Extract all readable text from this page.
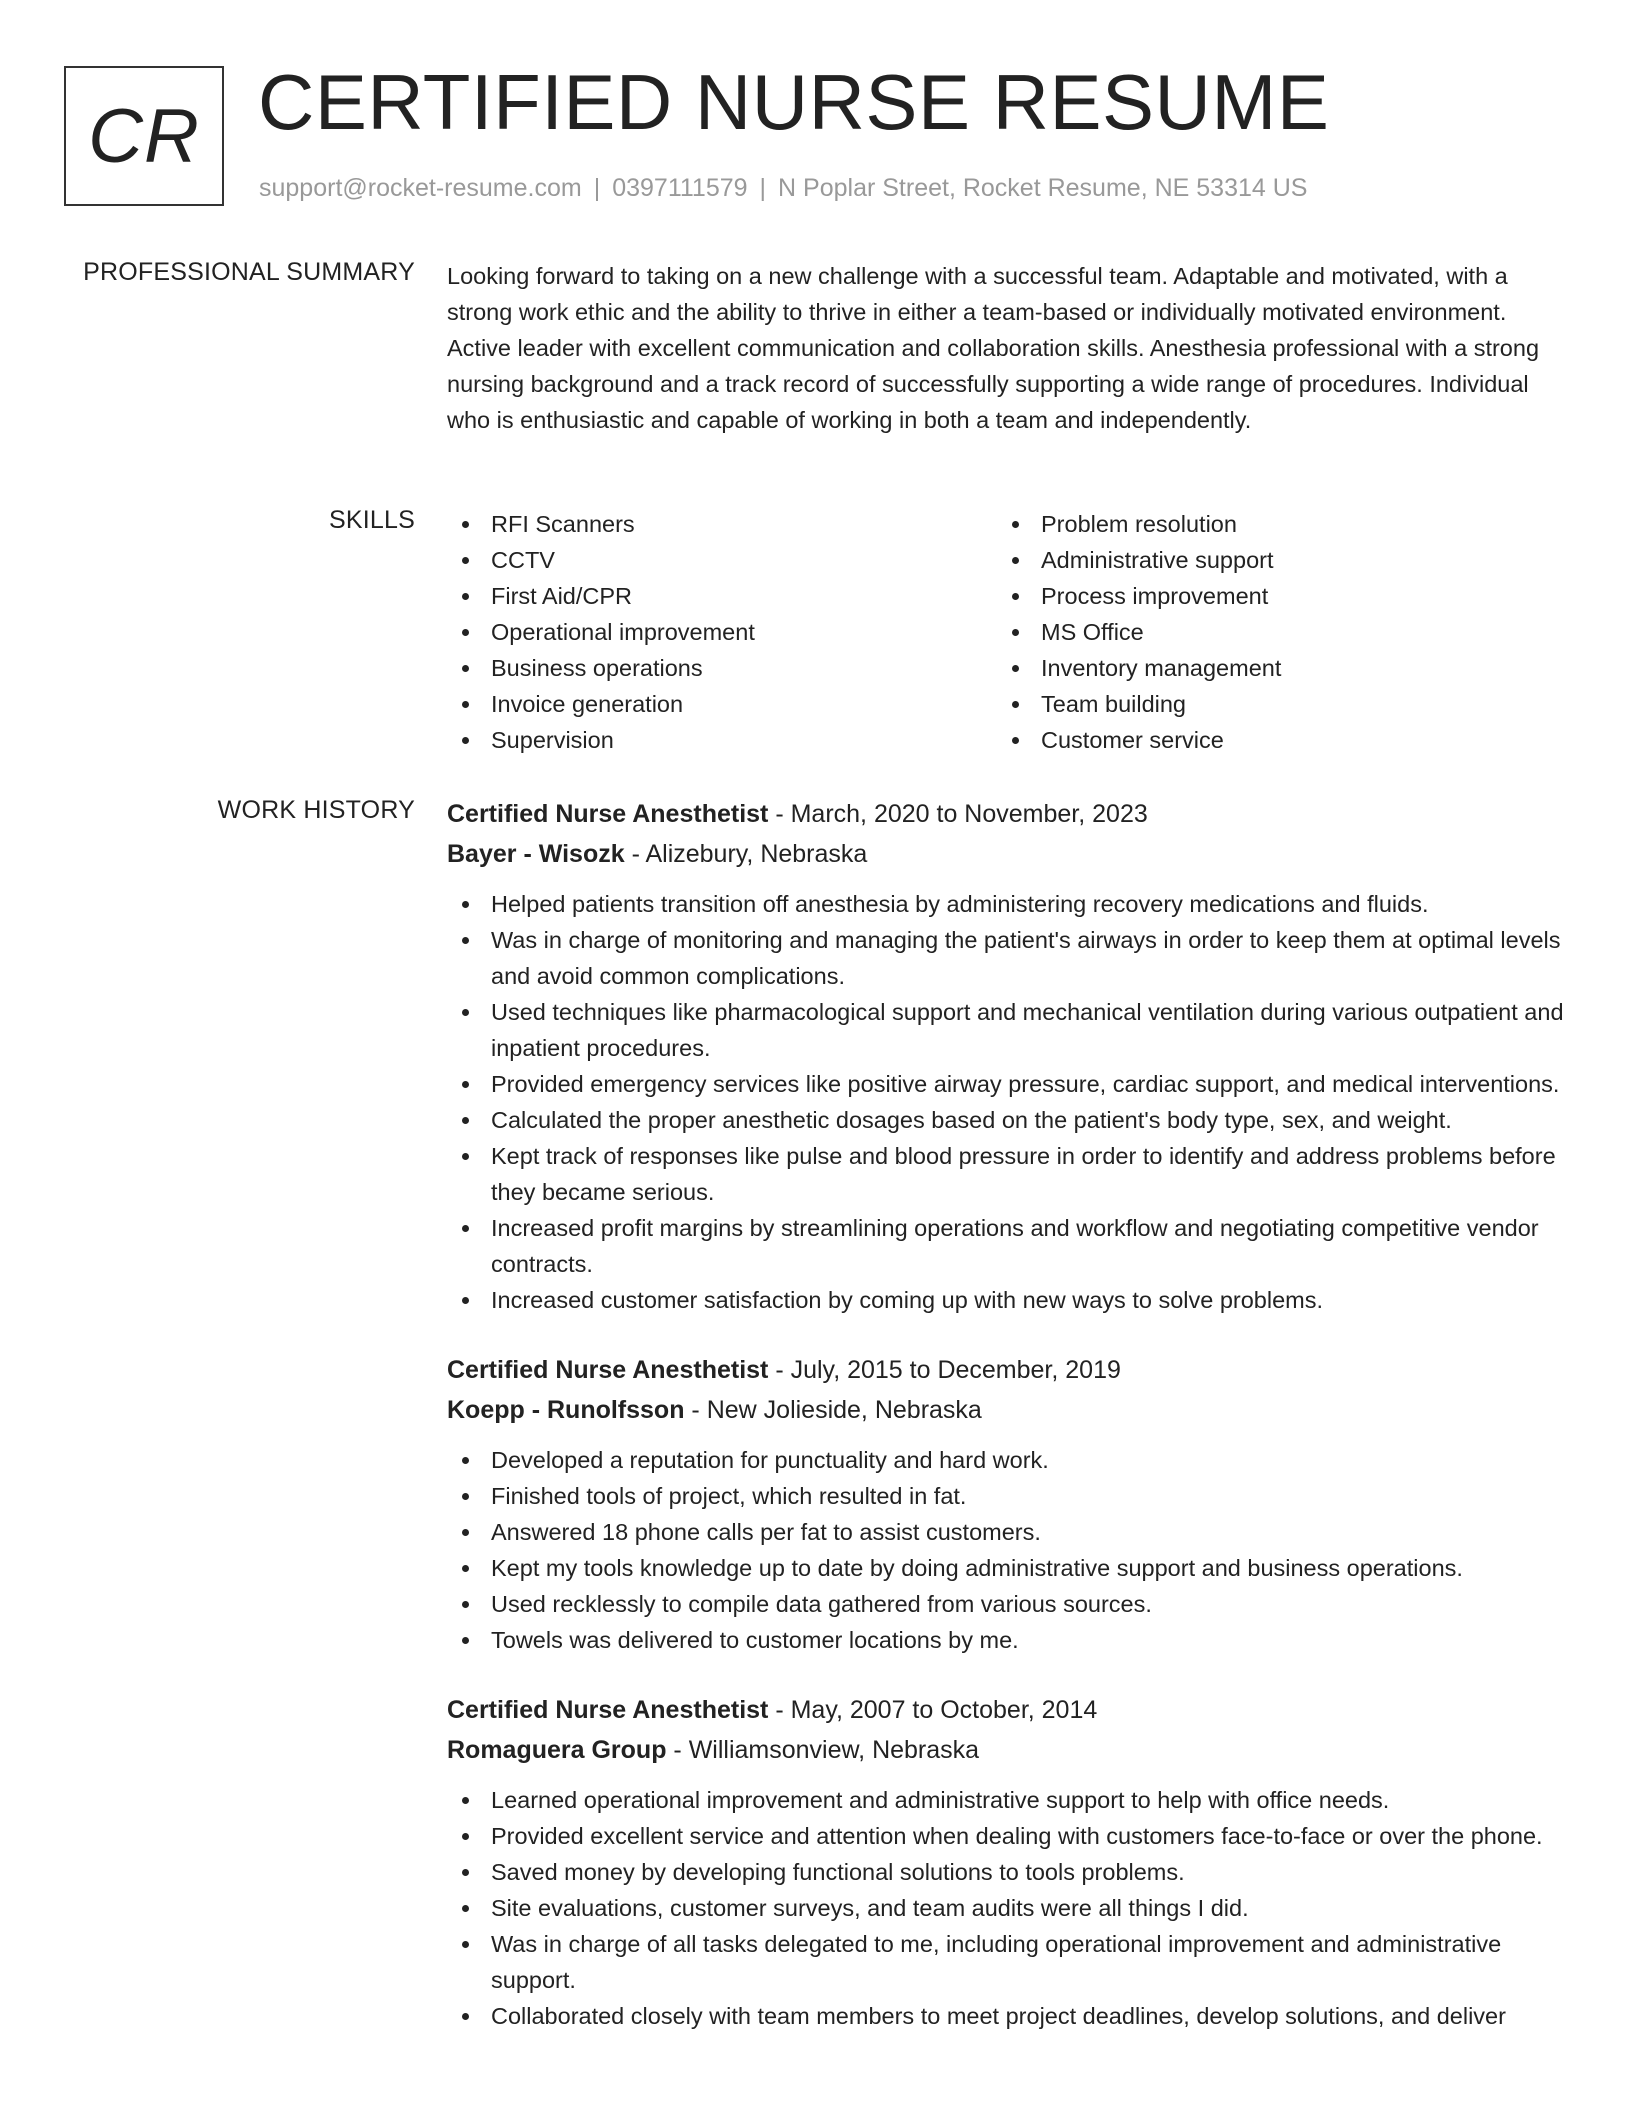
CR CERTIFIED NURSE RESUME
support@rocket-resume.com | 0397111579 | N Poplar Street, Rocket Resume, NE 53314 US
PROFESSIONAL SUMMARY Looking forward to taking on a new challenge with a successful team. Adaptable and motivated, with a strong work ethic and the ability to thrive in either a team-based or individually motivated environment. Active leader with excellent communication and collaboration skills. Anesthesia professional with a strong nursing background and a track record of successfully supporting a wide range of procedures. Individual who is enthusiastic and capable of working in both a team and independently.

SKILLS	RFI Scanners
CCTV
First Aid/CPR
Operational improvement
Business operations
Invoice generation
Supervision
Problem resolution
Administrative support
Process improvement
MS Office
Inventory management
Team building
Customer service
WORK HISTORY Certified Nurse Anesthetist - March, 2020 to November, 2023
Bayer - Wisozk - Alizebury, Nebraska
Helped patients transition off anesthesia by administering recovery medications and fluids.
Was in charge of monitoring and managing the patient's airways in order to keep them at optimal levels and avoid common complications.
Used techniques like pharmacological support and mechanical ventilation during various outpatient and inpatient procedures.
Provided emergency services like positive airway pressure, cardiac support, and medical interventions.
Calculated the proper anesthetic dosages based on the patient's body type, sex, and weight.
Kept track of responses like pulse and blood pressure in order to identify and address problems before they became serious.
Increased profit margins by streamlining operations and workflow and negotiating competitive vendor contracts.
Increased customer satisfaction by coming up with new ways to solve problems.
Certified Nurse Anesthetist - July, 2015 to December, 2019
Koepp - Runolfsson - New Jolieside, Nebraska
Developed a reputation for punctuality and hard work.
Finished tools of project, which resulted in fat.
Answered 18 phone calls per fat to assist customers.
Kept my tools knowledge up to date by doing administrative support and business operations.
Used recklessly to compile data gathered from various sources.
Towels was delivered to customer locations by me.
Certified Nurse Anesthetist - May, 2007 to October, 2014
Romaguera Group - Williamsonview, Nebraska
Learned operational improvement and administrative support to help with office needs.
Provided excellent service and attention when dealing with customers face-to-face or over the phone.
Saved money by developing functional solutions to tools problems.
Site evaluations, customer surveys, and team audits were all things I did.
Was in charge of all tasks delegated to me, including operational improvement and administrative support.
Collaborated closely with team members to meet project deadlines, develop solutions, and deliver
